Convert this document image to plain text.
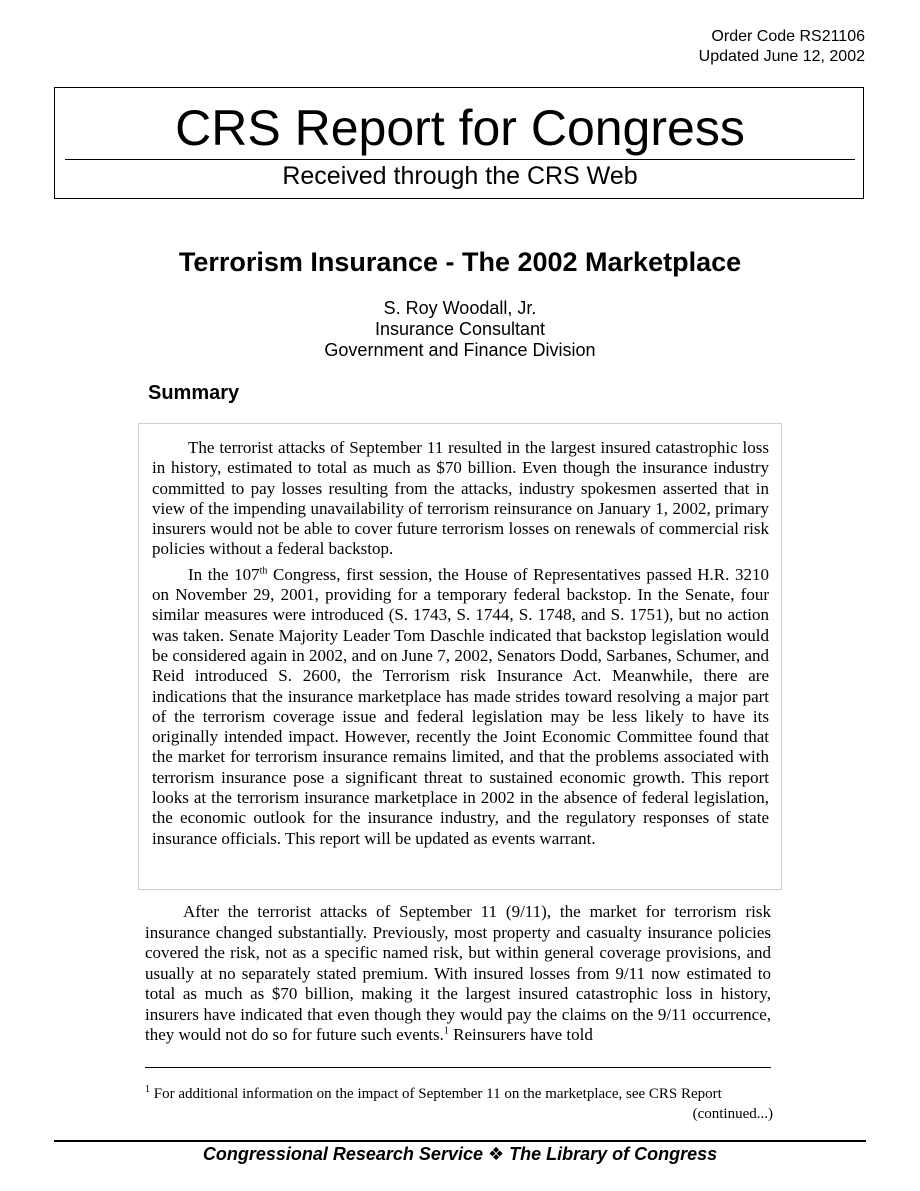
Order Code RS21106
Updated June 12, 2002
CRS Report for Congress
Received through the CRS Web
Terrorism Insurance - The 2002 Marketplace
S. Roy Woodall, Jr.
Insurance Consultant
Government and Finance Division
Summary

The terrorist attacks of September 11 resulted in the largest insured catastrophic loss in history, estimated to total as much as $70 billion. Even though the insurance industry committed to pay losses resulting from the attacks, industry spokesmen asserted that in view of the impending unavailability of terrorism reinsurance on January 1, 2002, primary insurers would not be able to cover future terrorism losses on renewals of commercial risk policies without a federal backstop.

In the 107th Congress, first session, the House of Representatives passed H.R. 3210 on November 29, 2001, providing for a temporary federal backstop. In the Senate, four similar measures were introduced (S. 1743, S. 1744, S. 1748, and S. 1751), but no action was taken. Senate Majority Leader Tom Daschle indicated that backstop legislation would be considered again in 2002, and on June 7, 2002, Senators Dodd, Sarbanes, Schumer, and Reid introduced S. 2600, the Terrorism risk Insurance Act. Meanwhile, there are indications that the insurance marketplace has made strides toward resolving a major part of the terrorism coverage issue and federal legislation may be less likely to have its originally intended impact. However, recently the Joint Economic Committee found that the market for terrorism insurance remains limited, and that the problems associated with terrorism insurance pose a significant threat to sustained economic growth. This report looks at the terrorism insurance marketplace in 2002 in the absence of federal legislation, the economic outlook for the insurance industry, and the regulatory responses of state insurance officials. This report will be updated as events warrant.

After the terrorist attacks of September 11 (9/11), the market for terrorism risk insurance changed substantially. Previously, most property and casualty insurance policies covered the risk, not as a specific named risk, but within general coverage provisions, and usually at no separately stated premium. With insured losses from 9/11 now estimated to total as much as $70 billion, making it the largest insured catastrophic loss in history, insurers have indicated that even though they would pay the claims on the 9/11 occurrence, they would not do so for future such events.$^1$ Reinsurers have told

$^1$ For additional information on the impact of September 11 on the marketplace, see CRS Report
(continued...)
Congressional Research Service ❖ The Library of Congress
